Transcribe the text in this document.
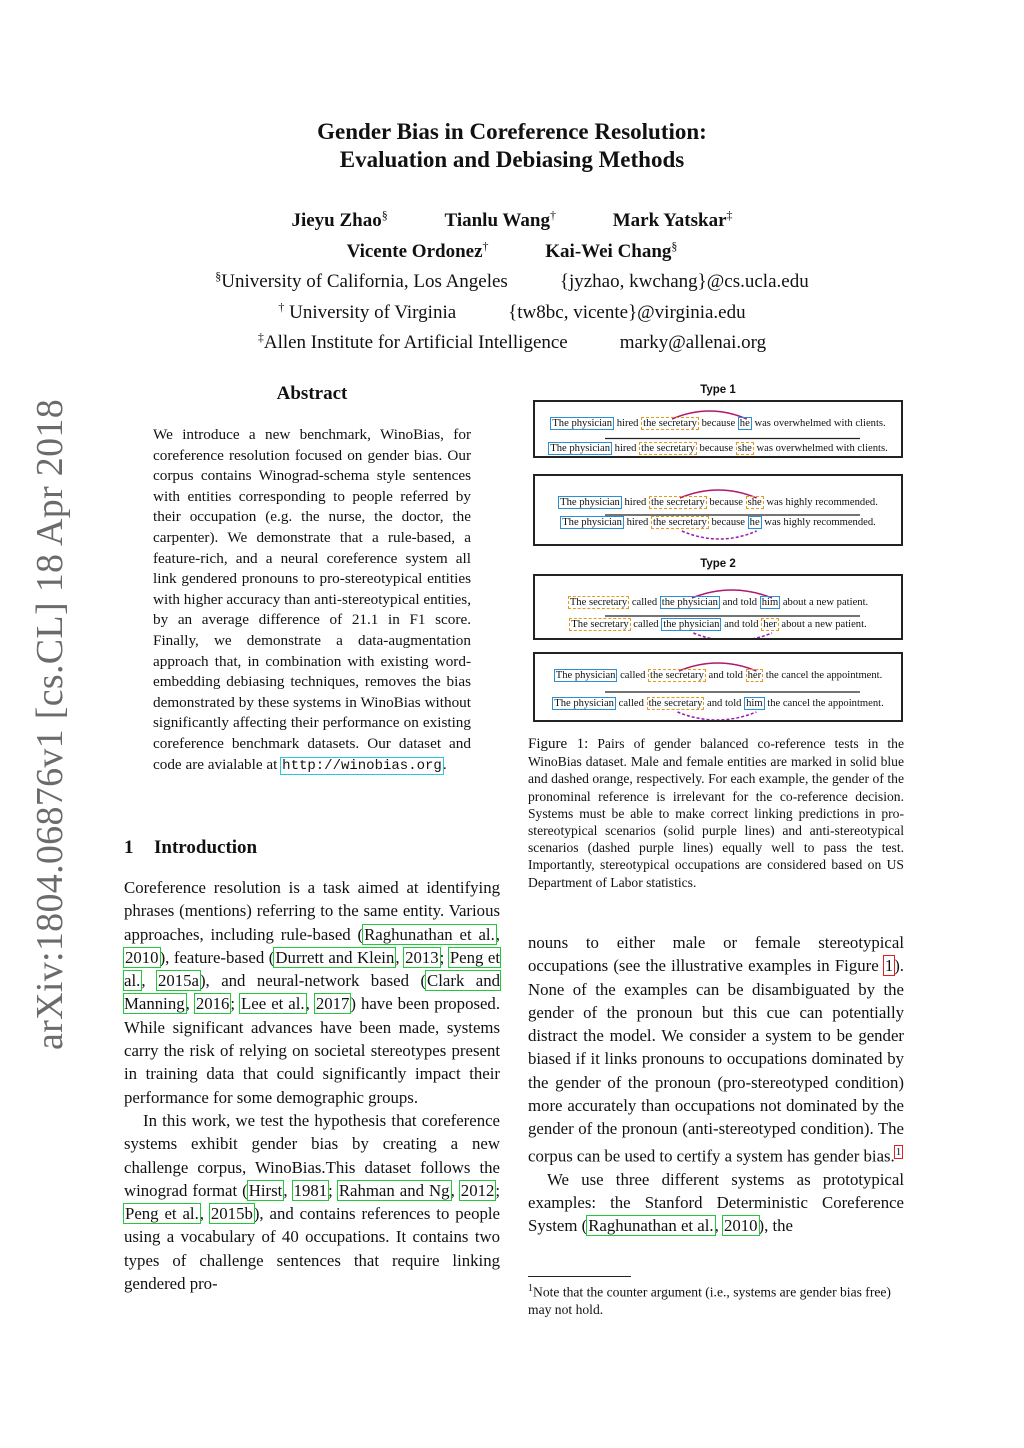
arXiv:1804.06876v1 [cs.CL] 18 Apr 2018
Gender Bias in Coreference Resolution:
Evaluation and Debiasing Methods
Jieyu Zhao§	Tianlu Wang†	Mark Yatskar‡
Vicente Ordonez†	Kai-Wei Chang§
§University of California, Los Angeles	{jyzhao, kwchang}@cs.ucla.edu
† University of Virginia	{tw8bc, vicente}@virginia.edu
‡Allen Institute for Artificial Intelligence	marky@allenai.org
Abstract
We introduce a new benchmark, WinoBias, for coreference resolution focused on gender bias. Our corpus contains Winograd-schema style sentences with entities corresponding to people referred by their occupation (e.g. the nurse, the doctor, the carpenter). We demonstrate that a rule-based, a feature-rich, and a neural coreference system all link gendered pronouns to pro-stereotypical entities with higher accuracy than anti-stereotypical entities, by an average difference of 21.1 in F1 score. Finally, we demonstrate a data-augmentation approach that, in combination with existing word-embedding debiasing techniques, removes the bias demonstrated by these systems in WinoBias without significantly affecting their performance on existing coreference benchmark datasets. Our dataset and code are avialable at http://winobias.org.
1 Introduction

Coreference resolution is a task aimed at identifying phrases (mentions) referring to the same entity. Various approaches, including rule-based (Raghunathan et al., 2010), feature-based (Durrett and Klein, 2013; Peng et al., 2015a), and neural-network based (Clark and Manning, 2016; Lee et al., 2017) have been proposed. While significant advances have been made, systems carry the risk of relying on societal stereotypes present in training data that could significantly impact their performance for some demographic groups.

In this work, we test the hypothesis that coreference systems exhibit gender bias by creating a new challenge corpus, WinoBias.This dataset follows the winograd format (Hirst, 1981; Rahman and Ng, 2012; Peng et al., 2015b), and contains references to people using a vocabulary of 40 occupations. It contains two types of challenge sentences that require linking gendered pro-

Type 1
Type 2
The physician hired the secretary because he was overwhelmed with clients.
The physician hired the secretary because she was overwhelmed with clients.
The physician hired the secretary because she was highly recommended.
The physician hired the secretary because he was highly recommended.
The secretary called the physician and told him about a new patient.
The secretary called the physician and told her about a new patient.
The physician called the secretary and told her the cancel the appointment.
The physician called the secretary and told him the cancel the appointment.
Figure 1: Pairs of gender balanced co-reference tests in the WinoBias dataset. Male and female entities are marked in solid blue and dashed orange, respectively. For each example, the gender of the pronominal reference is irrelevant for the co-reference decision. Systems must be able to make correct linking predictions in pro-stereotypical scenarios (solid purple lines) and anti-stereotypical scenarios (dashed purple lines) equally well to pass the test. Importantly, stereotypical occupations are considered based on US Department of Labor statistics.

nouns to either male or female stereotypical occupations (see the illustrative examples in Figure 1). None of the examples can be disambiguated by the gender of the pronoun but this cue can potentially distract the model. We consider a system to be gender biased if it links pronouns to occupations dominated by the gender of the pronoun (pro-stereotyped condition) more accurately than occupations not dominated by the gender of the pronoun (anti-stereotyped condition). The corpus can be used to certify a system has gender bias.$^1$

We use three different systems as prototypical examples: the Stanford Deterministic Coreference System (Raghunathan et al., 2010), the

$^1$Note that the counter argument (i.e., systems are gender bias free) may not hold.
